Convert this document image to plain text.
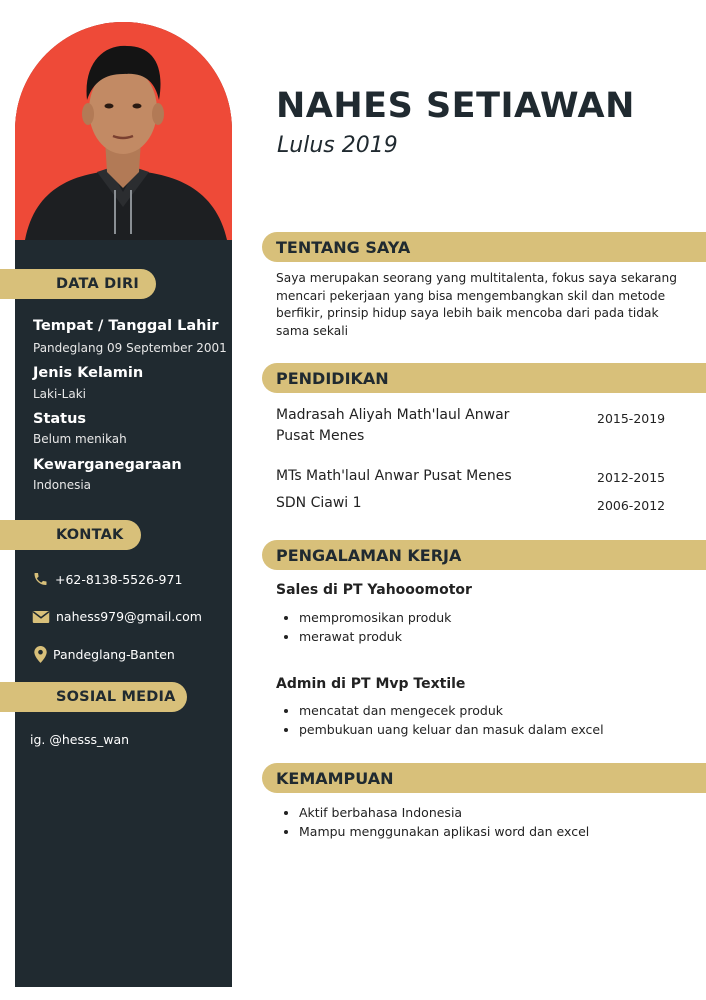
DATA DIRI
Tempat / Tanggal Lahir
Pandeglang 09 September 2001
Jenis Kelamin
Laki-Laki
Status
Belum menikah
Kewarganegaraan
Indonesia
KONTAK
+62-8138-5526-971
nahess979@gmail.com
Pandeglang-Banten
SOSIAL MEDIA
ig. @hesss_wan
NAHES SETIAWAN
Lulus 2019
TENTANG SAYA

Saya merupakan seorang yang multitalenta, fokus saya sekarang mencari pekerjaan yang bisa mengembangkan skil dan metode berfikir, prinsip hidup saya lebih baik mencoba dari pada tidak sama sekali

PENDIDIKAN
Madrasah Aliyah Math'laul Anwar Pusat Menes
2015-2019
MTs Math'laul Anwar Pusat Menes	2012-2015
SDN Ciawi 1	2006-2012
PENGALAMAN KERJA
Sales di PT Yahooomotor
• mempromosikan produk
• merawat produk
Admin di PT Mvp Textile
• mencatat dan mengecek produk
• pembukuan uang keluar dan masuk dalam excel
KEMAMPUAN
• Aktif berbahasa Indonesia
• Mampu menggunakan aplikasi word dan excel
